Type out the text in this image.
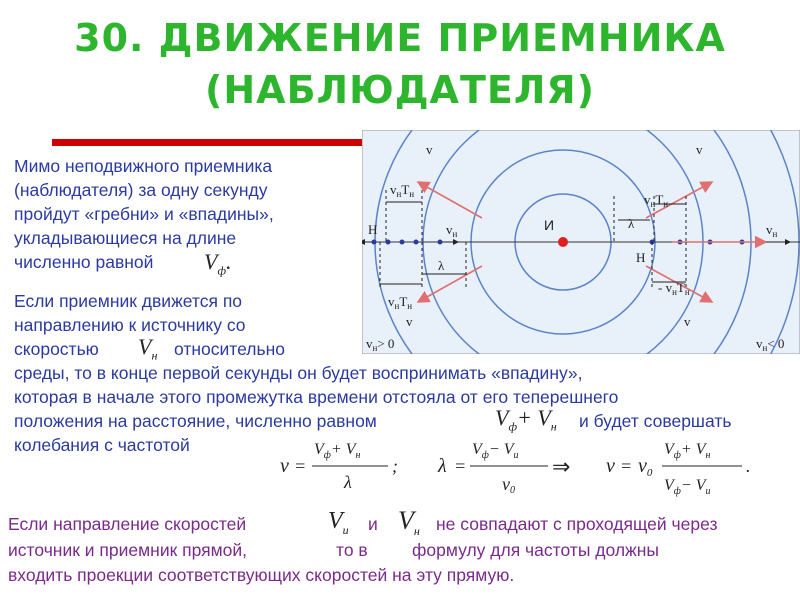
30. ДВИЖЕНИЕ ПРИЕМНИКА
(НАБЛЮДАТЕЛЯ)
Мимо неподвижного приемника
(наблюдателя) за одну секунду
пройдут «гребни» и «впадины»,
укладывающиеся на длине
численно равной $V_ф$.
Если приемник движется по
направлению к источнику со
скоростью $V_н$ относительно
среды, то в конце первой секунды он будет воспринимать «впадину»,
которая в начале этого промежутка времени отстояла от его теперешнего
положения на расстояние, численно равном	$V_ф+ V_н$ и будет совершать
колебания с частотой
ν =
$V_ф+ V_н$
λ
; λ =
$V_ф- V_и$
ν0
⇒ $\nu = \nu_0$
$V_ф+ V_н$
$V_ф- V_и$
.
Если направление скоростей	$V_и$ и $V_н$ не совпадают с проходящей через
источник и приемник прямой,	то в	формулу для частоты должны
входить проекции соответствующих скоростей на эту прямую.
И
v	v
$v_нT_н$	$v_нT_н$
λ
λ
Н
Н
$v_н$	$v_н$
$v_нT_н$
- $v_нT_н$
v	v
$v_н> 0$	$v_н< 0$
